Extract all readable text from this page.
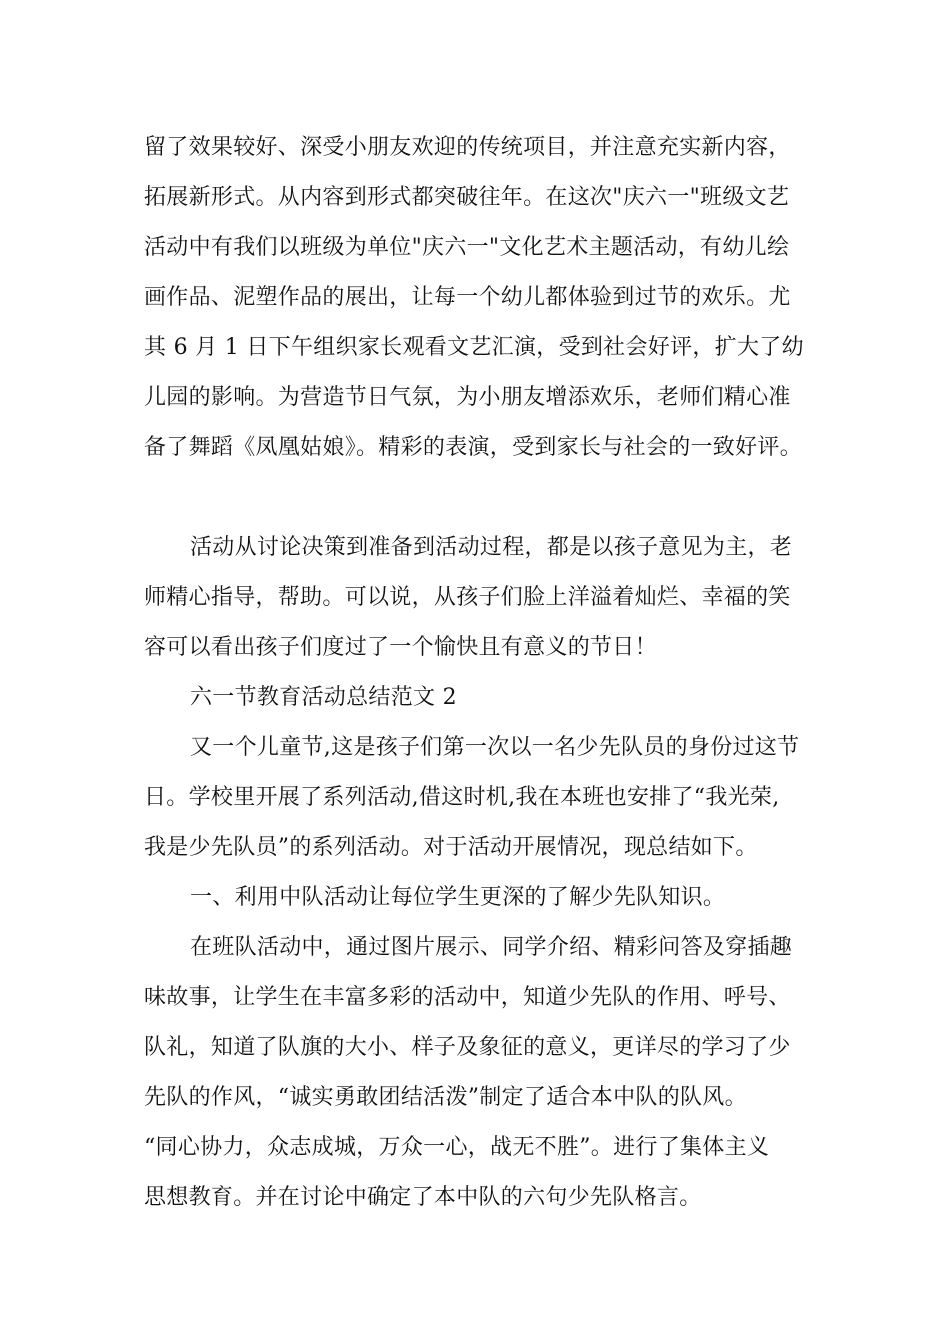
留了效果较好、深受小朋友欢迎的传统项目，并注意充实新内容，
拓展新形式。从内容到形式都突破往年。在这次"庆六一"班级文艺
活动中有我们以班级为单位"庆六一"文化艺术主题活动，有幼儿绘
画作品、泥塑作品的展出，让每一个幼儿都体验到过节的欢乐。尤
其 6 月 1 日下午组织家长观看文艺汇演，受到社会好评，扩大了幼
儿园的影响。为营造节日气氛，为小朋友增添欢乐，老师们精心准
备了舞蹈《凤凰姑娘》。精彩的表演，受到家长与社会的一致好评。
活动从讨论决策到准备到活动过程，都是以孩子意见为主，老
师精心指导，帮助。可以说，从孩子们脸上洋溢着灿烂、幸福的笑
容可以看出孩子们度过了一个愉快且有意义的节日！
六一节教育活动总结范文 2
又一个儿童节,这是孩子们第一次以一名少先队员的身份过这节
日。学校里开展了系列活动,借这时机,我在本班也安排了“我光荣,
我是少先队员”的系列活动。对于活动开展情况，现总结如下。
一、利用中队活动让每位学生更深的了解少先队知识。
在班队活动中，通过图片展示、同学介绍、精彩问答及穿插趣
味故事，让学生在丰富多彩的活动中，知道少先队的作用、呼号、
队礼，知道了队旗的大小、样子及象征的意义，更详尽的学习了少
先队的作风，“诚实勇敢团结活泼”制定了适合本中队的队风。
“同心协力，众志成城，万众一心，战无不胜”。进行了集体主义
思想教育。并在讨论中确定了本中队的六句少先队格言。
